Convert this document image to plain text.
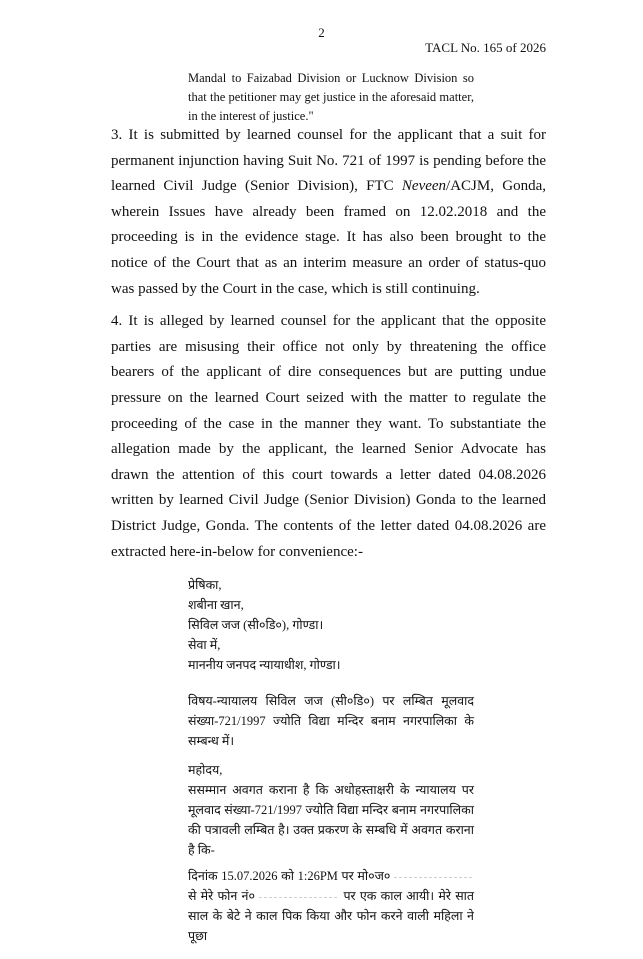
2
TACL No. 165 of 2026
Mandal to Faizabad Division or Lucknow Division so that the petitioner may get justice in the aforesaid matter, in the interest of justice."

3. It is submitted by learned counsel for the applicant that a suit for permanent injunction having Suit No. 721 of 1997 is pending before the learned Civil Judge (Senior Division), FTC Neveen/ACJM, Gonda, wherein Issues have already been framed on 12.02.2018 and the proceeding is in the evidence stage. It has also been brought to the notice of the Court that as an interim measure an order of status-quo was passed by the Court in the case, which is still continuing.

4. It is alleged by learned counsel for the applicant that the opposite parties are misusing their office not only by threatening the office bearers of the applicant of dire consequences but are putting undue pressure on the learned Court seized with the matter to regulate the proceeding of the case in the manner they want. To substantiate the allegation made by the applicant, the learned Senior Advocate has drawn the attention of this court towards a letter dated 04.08.2026 written by learned Civil Judge (Senior Division) Gonda to the learned District Judge, Gonda. The contents of the letter dated 04.08.2026 are extracted here-in-below for convenience:-

प्रेषिका,
शबीना खान,
सिविल जज (सी०डि०), गोण्डा।
सेवा में,
माननीय जनपद न्यायाधीश, गोण्डा।
विषय-न्यायालय सिविल जज (सी०डि०) पर लम्बित मूलवाद संख्या-721/1997 ज्योति विद्या मन्दिर बनाम नगरपालिका के सम्बन्ध में।

महोदय,

ससम्मान अवगत कराना है कि अधोहस्ताक्षरी के न्यायालय पर मूलवाद संख्या-721/1997 ज्योति विद्या मन्दिर बनाम नगरपालिका की पत्रावली लम्बित है। उक्त प्रकरण के सम्बधि में अवगत कराना है कि-

दिनांक 15.07.2026 को 1:26PM पर मो०ज०  से मेरे फोन नं०	पर एक काल आयी। मेरे सात साल के बेटे ने काल पिक किया और फोन करने वाली महिला ने पूछा
